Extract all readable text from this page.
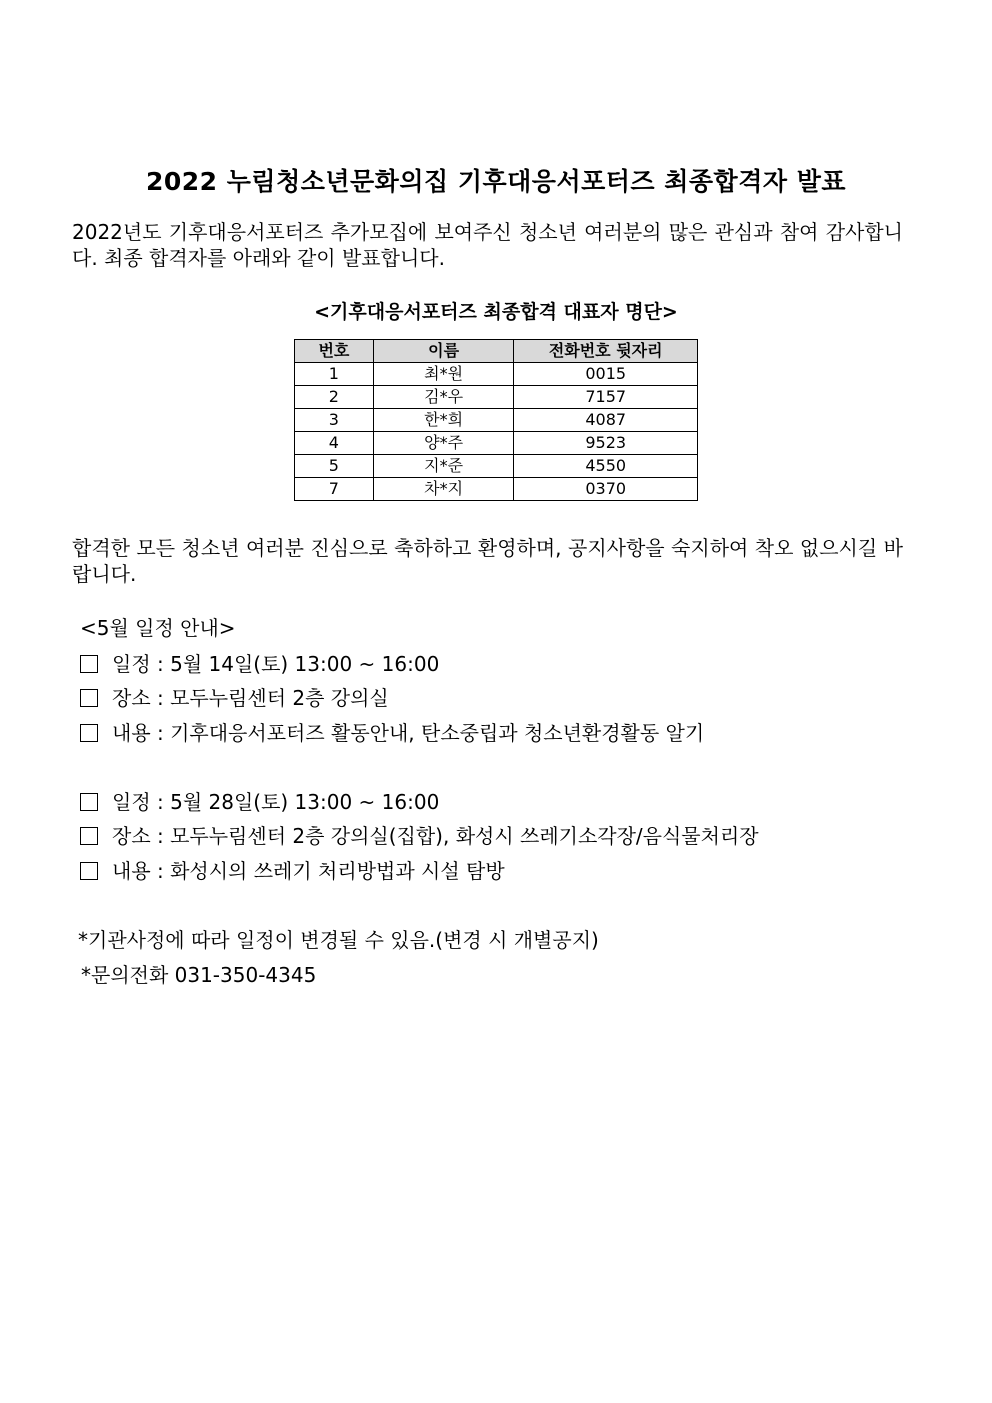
2022 누림청소년문화의집 기후대응서포터즈 최종합격자 발표
2022년도 기후대응서포터즈 추가모집에 보여주신 청소년 여러분의 많은 관심과 참여 감사합니다. 최종 합격자를 아래와 같이 발표합니다.
<기후대응서포터즈 최종합격 대표자 명단>
번호	이름	전화번호 뒷자리
1	최*원	0015
2	김*우	7157
3	한*희	4087
4	양*주	9523
5	지*준	4550
7	차*지	0370
합격한 모든 청소년 여러분 진심으로 축하하고 환영하며, 공지사항을 숙지하여 착오 없으시길 바랍니다.
<5월 일정 안내>
일정 : 5월 14일(토) 13:00 ~ 16:00
장소 : 모두누림센터 2층 강의실
내용 : 기후대응서포터즈 활동안내, 탄소중립과 청소년환경활동 알기
일정 : 5월 28일(토) 13:00 ~ 16:00
장소 : 모두누림센터 2층 강의실(집합), 화성시 쓰레기소각장/음식물처리장
내용 : 화성시의 쓰레기 처리방법과 시설 탐방
*기관사정에 따라 일정이 변경될 수 있음.(변경 시 개별공지)
*문의전화 031-350-4345
